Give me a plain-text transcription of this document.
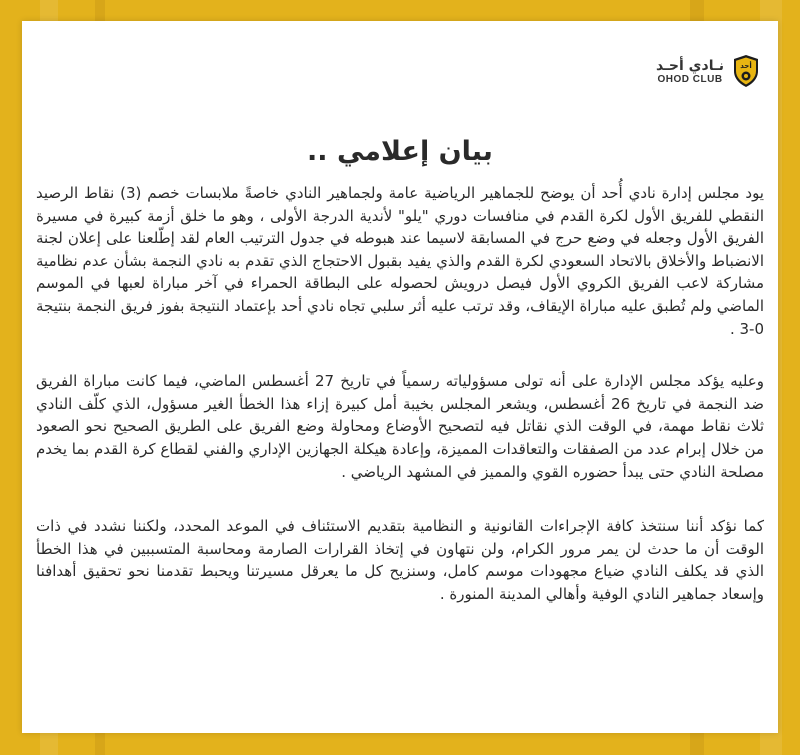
نـادي أحـد
OHOD CLUB
أحد
بيان إعلامي ..

يود مجلس إدارة نادي أُحد أن يوضح للجماهير الرياضية عامة ولجماهير النادي خاصةً ملابسات خصم (3) نقاط الرصيد النقطي للفريق الأول لكرة القدم في منافسات دوري "يلو" لأندية الدرجة الأولى ، وهو ما خلق أزمة كبيرة في مسيرة الفريق الأول وجعله في وضع حرج في المسابقة لاسيما عند هبوطه في جدول الترتيب العام لقد إطّلعنا على إعلان لجنة الانضباط والأخلاق بالاتحاد السعودي لكرة القدم والذي يفيد بقبول الاحتجاج الذي تقدم به نادي النجمة بشأن عدم نظامية مشاركة لاعب الفريق الكروي الأول فيصل درويش لحصوله على البطاقة الحمراء في آخر مباراة لعبها في الموسم الماضي ولم تُطبق عليه مباراة الإيقاف، وقد ترتب عليه أثر سلبي تجاه نادي أحد بإعتماد النتيجة بفوز فريق النجمة بنتيجة 0-3 .

وعليه يؤكد مجلس الإدارة على أنه تولى مسؤولياته رسمياً في تاريخ 27 أغسطس الماضي، فيما كانت مباراة الفريق ضد النجمة في تاريخ 26 أغسطس، ويشعر المجلس بخيبة أمل كبيرة إزاء هذا الخطأ الغير مسؤول، الذي كلّف النادي ثلاث نقاط مهمة، في الوقت الذي نقاتل فيه لتصحيح الأوضاع ومحاولة وضع الفريق على الطريق الصحيح نحو الصعود من خلال إبرام عدد من الصفقات والتعاقدات المميزة، وإعادة هيكلة الجهازين الإداري والفني لقطاع كرة القدم بما يخدم مصلحة النادي حتى يبدأ حضوره القوي والمميز في المشهد الرياضي .

كما نؤكد أننا سنتخذ كافة الإجراءات القانونية و النظامية بتقديم الاستئناف في الموعد المحدد، ولكننا نشدد في ذات الوقت أن ما حدث لن يمر مرور الكرام، ولن نتهاون في إتخاذ القرارات الصارمة ومحاسبة المتسببين في هذا الخطأ الذي قد يكلف النادي ضياع مجهودات موسم كامل، وسنزيح كل ما يعرقل مسيرتنا ويحبط تقدمنا نحو تحقيق أهدافنا وإسعاد جماهير النادي الوفية وأهالي المدينة المنورة .
